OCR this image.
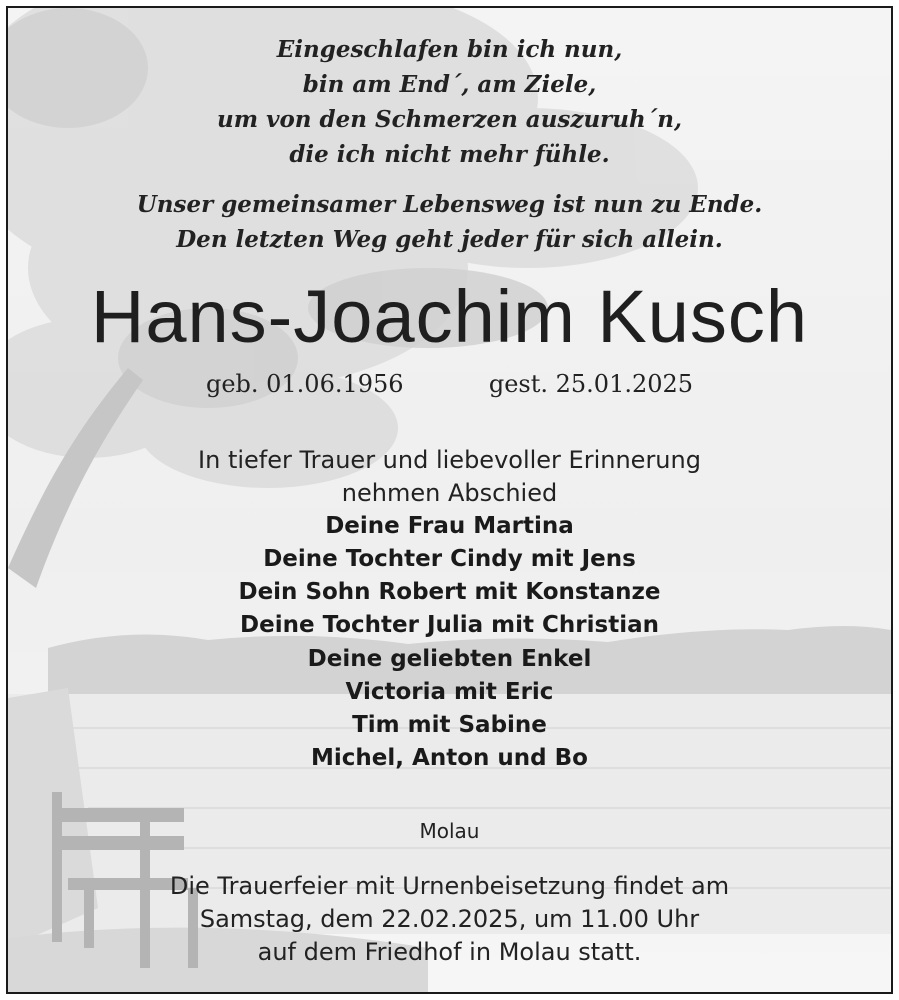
Eingeschlafen bin ich nun,
bin am End´, am Ziele,
um von den Schmerzen auszuruh´n,
die ich nicht mehr fühle.
Unser gemeinsamer Lebensweg ist nun zu Ende.
Den letzten Weg geht jeder für sich allein.
Hans-Joachim Kusch
geb. 01.06.1956	gest. 25.01.2025
In tiefer Trauer und liebevoller Erinnerung
nehmen Abschied
Deine Frau Martina
Deine Tochter Cindy mit Jens
Dein Sohn Robert mit Konstanze
Deine Tochter Julia mit Christian
Deine geliebten Enkel
Victoria mit Eric
Tim mit Sabine
Michel, Anton und Bo
Molau
Die Trauerfeier mit Urnenbeisetzung findet am
Samstag, dem 22.02.2025, um 11.00 Uhr
auf dem Friedhof in Molau statt.
